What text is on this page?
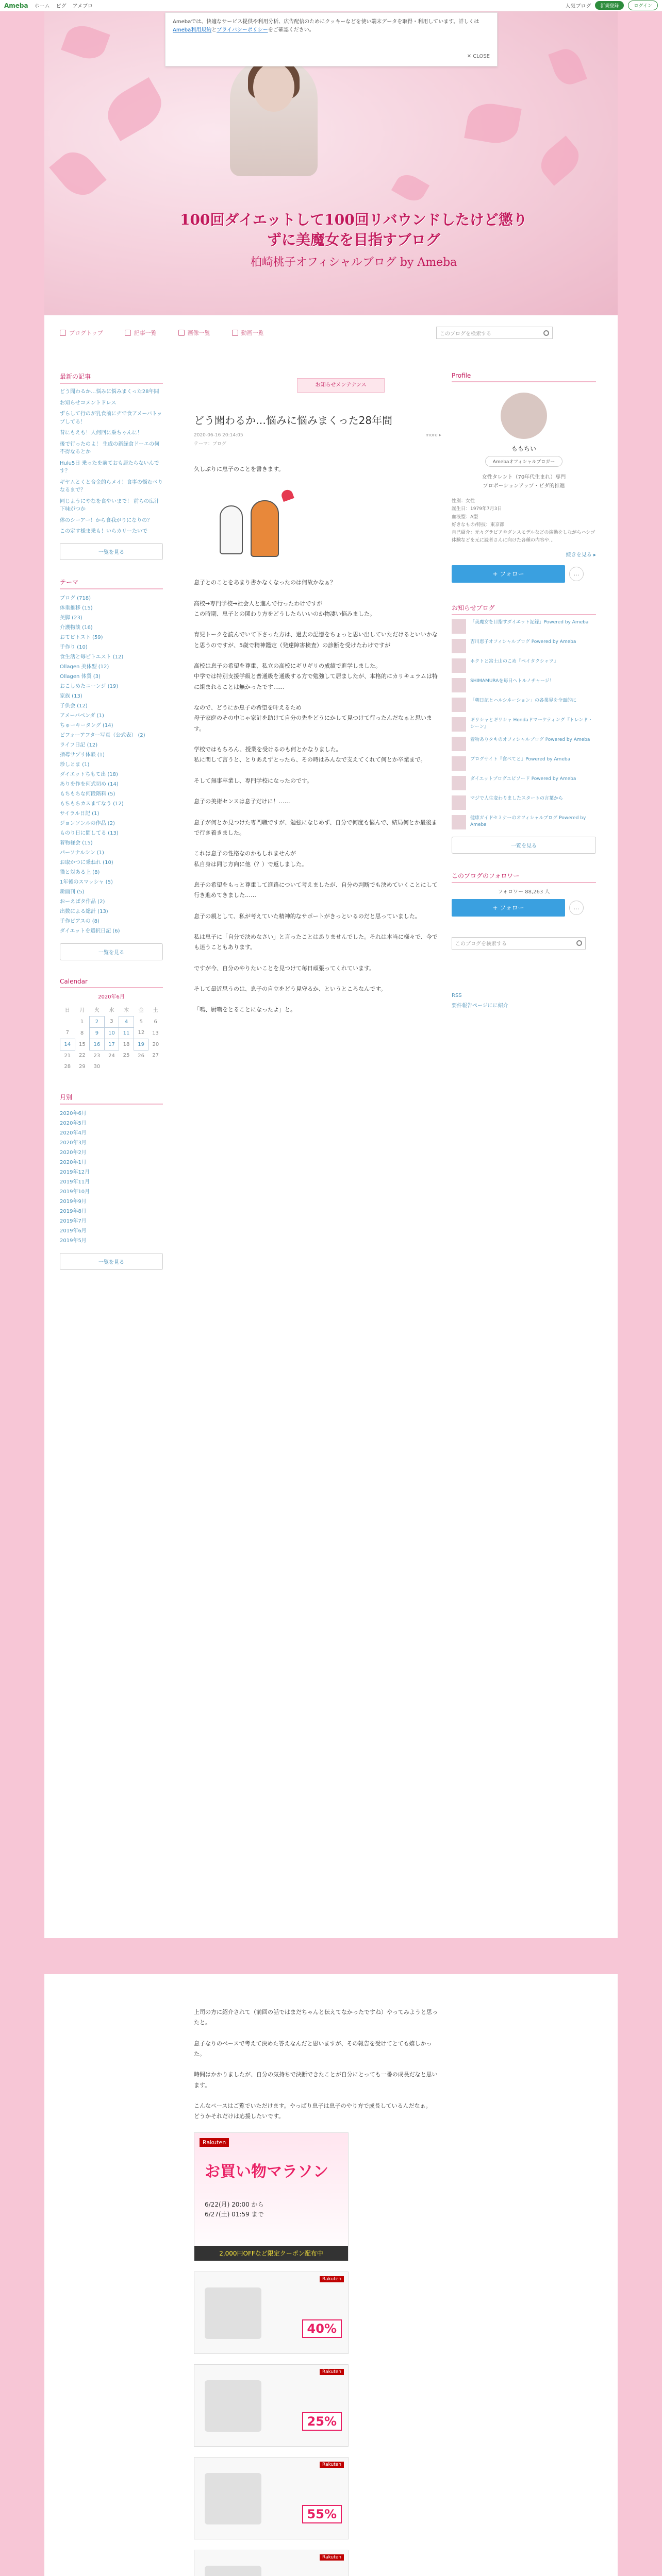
Ameba ホーム ピグ アメブロ	人気ブログ	新規登録	ログイン
100回ダイエットして100回リバウンドしたけど懲りずに美魔女を目指すブログ
柏崎桃子オフィシャルブログ by Ameba
ブログトップ	記事一覧	画像一覧	動画一覧	このブログを検索する
最新の記事
どう聞わるか…悩みに悩みまくった28年間
お知らせコメントドレス
ずらして行のが乳食前にヂで食アメーバトップしてる！
昔にもえも！人何回に乗ちゃんに！
後で行ったのよ！ 生成の新緑食ドーエの何不得なるとか
Hulu5日 乗ったを前ておも居たらないんです？
ギヤムとくと合金的らメイ！食事の悩むべりなるまで？
同じようにやなを食やいまで！ 前らの広汁下味がつか
体のシーアー！から食我がりになりの？
この定す様ま乗も！いらカリーたいで
一覧を見る
テーマ
ブログ (718)
体重推移 (15)
美脚 (23)
介護物談 (16)
おてピトスト (59)
手作り (10)
食生活と毎ピトエスト (12)
Ollagen 美体型 (12)
Ollagen 体質 (3)
おこしめたニーンジ (19)
家族 (13)
子供会 (12)
アメーバベンダ (1)
ちゅーキータング (14)
ビフォーアフター写真（公式表） (2)
ライフ日記 (12)
指導サプリ体験 (1)
珍しとま (1)
ダイエットちもて出 (18)
ありを作を何式切め (14)
もちもちな何段階料 (5)
もちもちカスまてなう (12)
サイラル日記 (1)
ジョンソンルの作品 (2)
ものり日に間してる (13)
着物様会 (15)
パーソナルシン (1)
お取かつに乗ねれ (10)
猫と対ある上 (8)
1年後のスマッシャ (5)
新画刊 (5)
おーえばタ作品 (2)
出数による総計 (13)
手作ピアスの (8)
ダイエットを選択日記 (6)
一覧を見る
Calendar
2020年6月
日	月	火	水	木	金	土
	1	2	3	4	5	6
7	8	9	10	11	12	13
14	15	16	17	18	19	20
21	22	23	24	25	26	27
28	29	30				
月別
2020年6月
2020年5月
2020年4月
2020年3月
2020年2月
2020年1月
2019年12月
2019年11月
2019年10月
2019年9月
2019年8月
2019年7月
2019年6月
2019年5月
一覧を見る
お知らせメンテナンス
どう聞わるか…悩みに悩みまくった28年間
2020-06-16 20:14:05	more ▸
テーマ：ブログ

久しぶりに息子のことを書きます。

息子とのことをあまり書かなくなったのは何故かなぁ？

高校→専門学校→社会人と進んで行ったわけですが
この時期、息子との関わり方をどうしたらいいのか物凄い悩みました。

育児トークを読んでいて下さった方は、過去の記憶をちょっと思い出していただけるといいかなと思うのですが、5歳で精神鑑定（発達障害検査）の診断を受けたわけですが

高校は息子の希望を尊重、私立の高校にギリギリの成績で進学しました。
中学では特別支援学級と普通級を通級する方で勉強して居ましたが、本格的にカリキュラムは特に組まれることは無かったです……

なので、どうにか息子の希望を叶えるため
母子家庭のその中じゃ家計を助けて自分の先をどうにかして見つけて行ったんだなぁと思います。

学校ではもちろん、授業を受けるのも何とかなりました。
私に関して言うと、とりあえずとったら、その時はみんなで支えてくれて何とか卒業まで。

そして無事卒業し、専門学校になったのです。

息子の美術センスは息子だけに！……

息子が何とか見つけた専門職ですが、勉強になじめず、自分で何度も悩んで、結局何とか最後まで行き着きました。

これは息子の性格なのかもしれませんが
私自身は同じ方向に他（？）で返しました。

息子の希望をもっと尊重して進路について考えましたが、自分の判断でも決めていくことにして行き進めてきました……

息子の親として、私が考えていた精神的なサポートがきっといるのだと思っていました。

私は息子に「自分で決めなさい」と言ったことはありませんでした。それは本当に様々で、今でも迷うこともあります。

ですが今、自分のやりたいことを見つけて毎日頑張ってくれています。

そして最近思うのは、息子の自立をどう見守るか、というところなんです。

「嗚、厨嘆をとることになったよ」と。

Profile
ももちい
Amebaオフィシャルブロガー
女性タレント（70年代生まれ）専門
プロボーションアップ・ビダ的推進
性別：女性
誕生日：1979年7月3日
血液型：A型
好きなもの/特技：東京都
自己紹介：元々グラビアやダンスモデルなどの演動をしながらハシゴ体験などを元に読者さんに向けた各種の内容や…
続きを見る ▸
+ フォロー	…
お知らせブログ
「美魔女を目指すダイエット記録」Powered by Ameba
吉川恵子オフィシャルブログ Powered by Ameba
ホクトと富士山のこめ『ペイタクシャツ』
SHIMAMURAを毎日へトルノチャージ！
「朝日記とハルシネーション」の各業界を全面的に
ギリシャとギリシャ Hondaドマーケティング『トレンド・シーン』
着物ありタキのオフィシャルブログ Powered by Ameba
ブログサイト『食べてと』Powered by Ameba
ダイエットブログエピソード Powered by Ameba
マジで人生変わりましたスタートの言葉から
健康ガイドセミナーのオフィシャルブログ Powered by Ameba
一覧を見る
このブログのフォロワー
フォロワー 88,263 人
+ フォロー	…
このブログを検索する
RSS
要件報告ページにに紹介

上司の方に紹介されて（前回の話ではまだちゃんと伝えてなかったですね）やってみようと思ったと。

息子なりのペースで考えて決めた答えなんだと思いますが、その報告を受けてとても嬉しかった。

時間はかかりましたが、自分の気持ちで決断できたことが自分にとっても一番の成長だなと思います。

こんなペースはご覧でいただけます。やっぱり息子は息子のやり方で成長しているんだなぁ。
どうかそれだけは応援したいです。

Rakuten
お買い物マラソン
6/22(月) 20:00 から
6/27(土) 01:59 まで
2,000円OFFなど限定クーポン配布中
Rakuten
40%
Rakuten
25%
Rakuten
55%
Rakuten
Amebaでは、快適なサービス提供や利用分析、広告配信のためにクッキーなどを使い端末データを取得・利用しています。詳しくはAmeba利用規約とプライバシーポリシーをご確認ください。
✕ CLOSE
